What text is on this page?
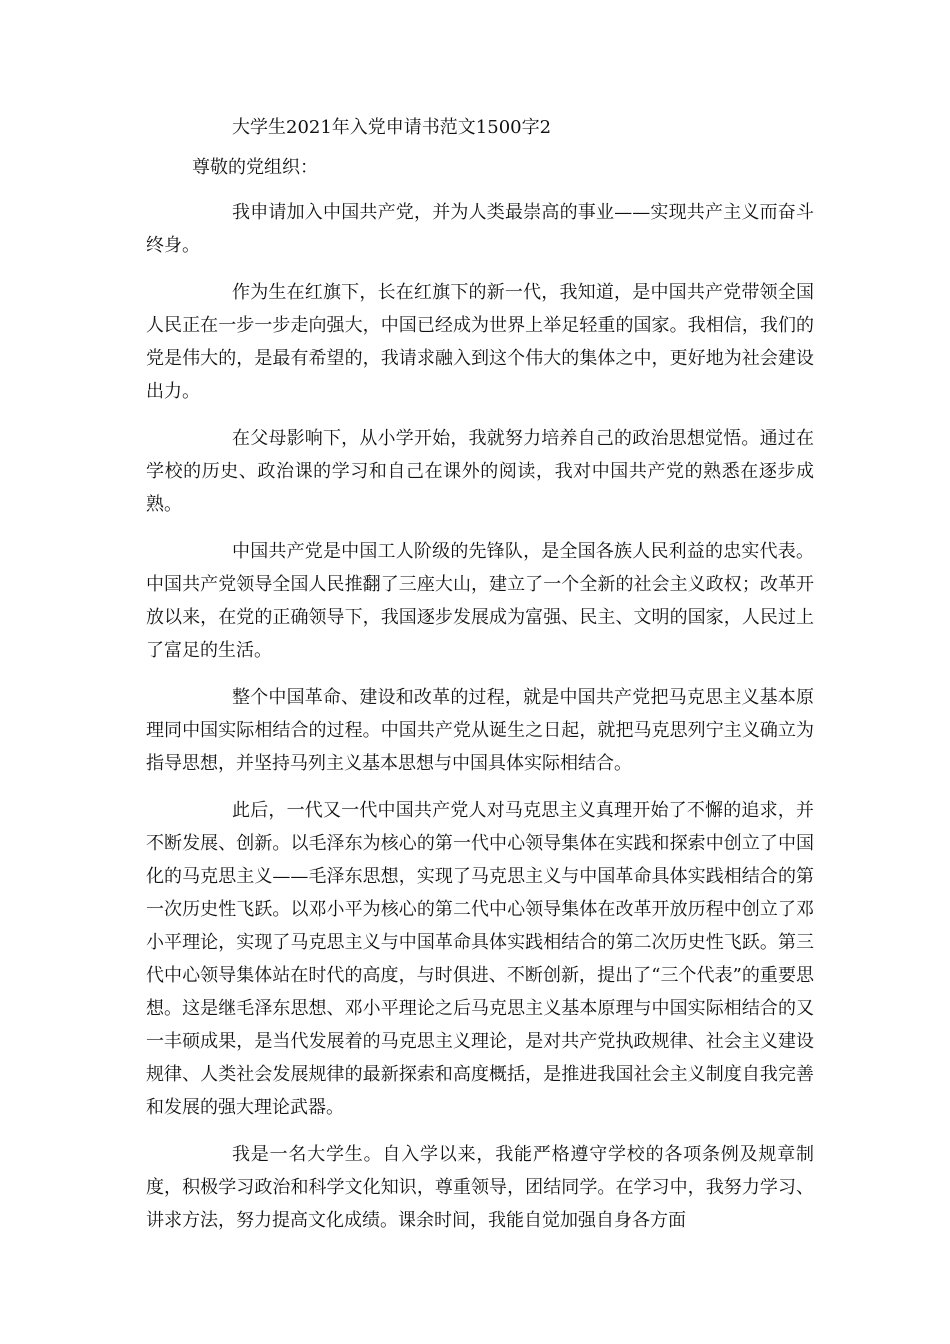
大学生2021年入党申请书范文1500字2
尊敬的党组织：

我申请加入中国共产党，并为人类最崇高的事业——实现共产主义而奋斗终身。

作为生在红旗下，长在红旗下的新一代，我知道，是中国共产党带领全国人民正在一步一步走向强大，中国已经成为世界上举足轻重的国家。我相信，我们的党是伟大的，是最有希望的，我请求融入到这个伟大的集体之中，更好地为社会建设出力。

在父母影响下，从小学开始，我就努力培养自己的政治思想觉悟。通过在学校的历史、政治课的学习和自己在课外的阅读，我对中国共产党的熟悉在逐步成熟。

中国共产党是中国工人阶级的先锋队，是全国各族人民利益的忠实代表。中国共产党领导全国人民推翻了三座大山，建立了一个全新的社会主义政权；改革开放以来，在党的正确领导下，我国逐步发展成为富强、民主、文明的国家，人民过上了富足的生活。

整个中国革命、建设和改革的过程，就是中国共产党把马克思主义基本原理同中国实际相结合的过程。中国共产党从诞生之日起，就把马克思列宁主义确立为指导思想，并坚持马列主义基本思想与中国具体实际相结合。

此后，一代又一代中国共产党人对马克思主义真理开始了不懈的追求，并不断发展、创新。以毛泽东为核心的第一代中心领导集体在实践和探索中创立了中国化的马克思主义——毛泽东思想，实现了马克思主义与中国革命具体实践相结合的第一次历史性飞跃。以邓小平为核心的第二代中心领导集体在改革开放历程中创立了邓小平理论，实现了马克思主义与中国革命具体实践相结合的第二次历史性飞跃。第三代中心领导集体站在时代的高度，与时俱进、不断创新，提出了“三个代表”的重要思想。这是继毛泽东思想、邓小平理论之后马克思主义基本原理与中国实际相结合的又一丰硕成果，是当代发展着的马克思主义理论，是对共产党执政规律、社会主义建设规律、人类社会发展规律的最新探索和高度概括，是推进我国社会主义制度自我完善和发展的强大理论武器。

我是一名大学生。自入学以来，我能严格遵守学校的各项条例及规章制度，积极学习政治和科学文化知识，尊重领导，团结同学。在学习中，我努力学习、讲求方法，努力提高文化成绩。课余时间，我能自觉加强自身各方面
